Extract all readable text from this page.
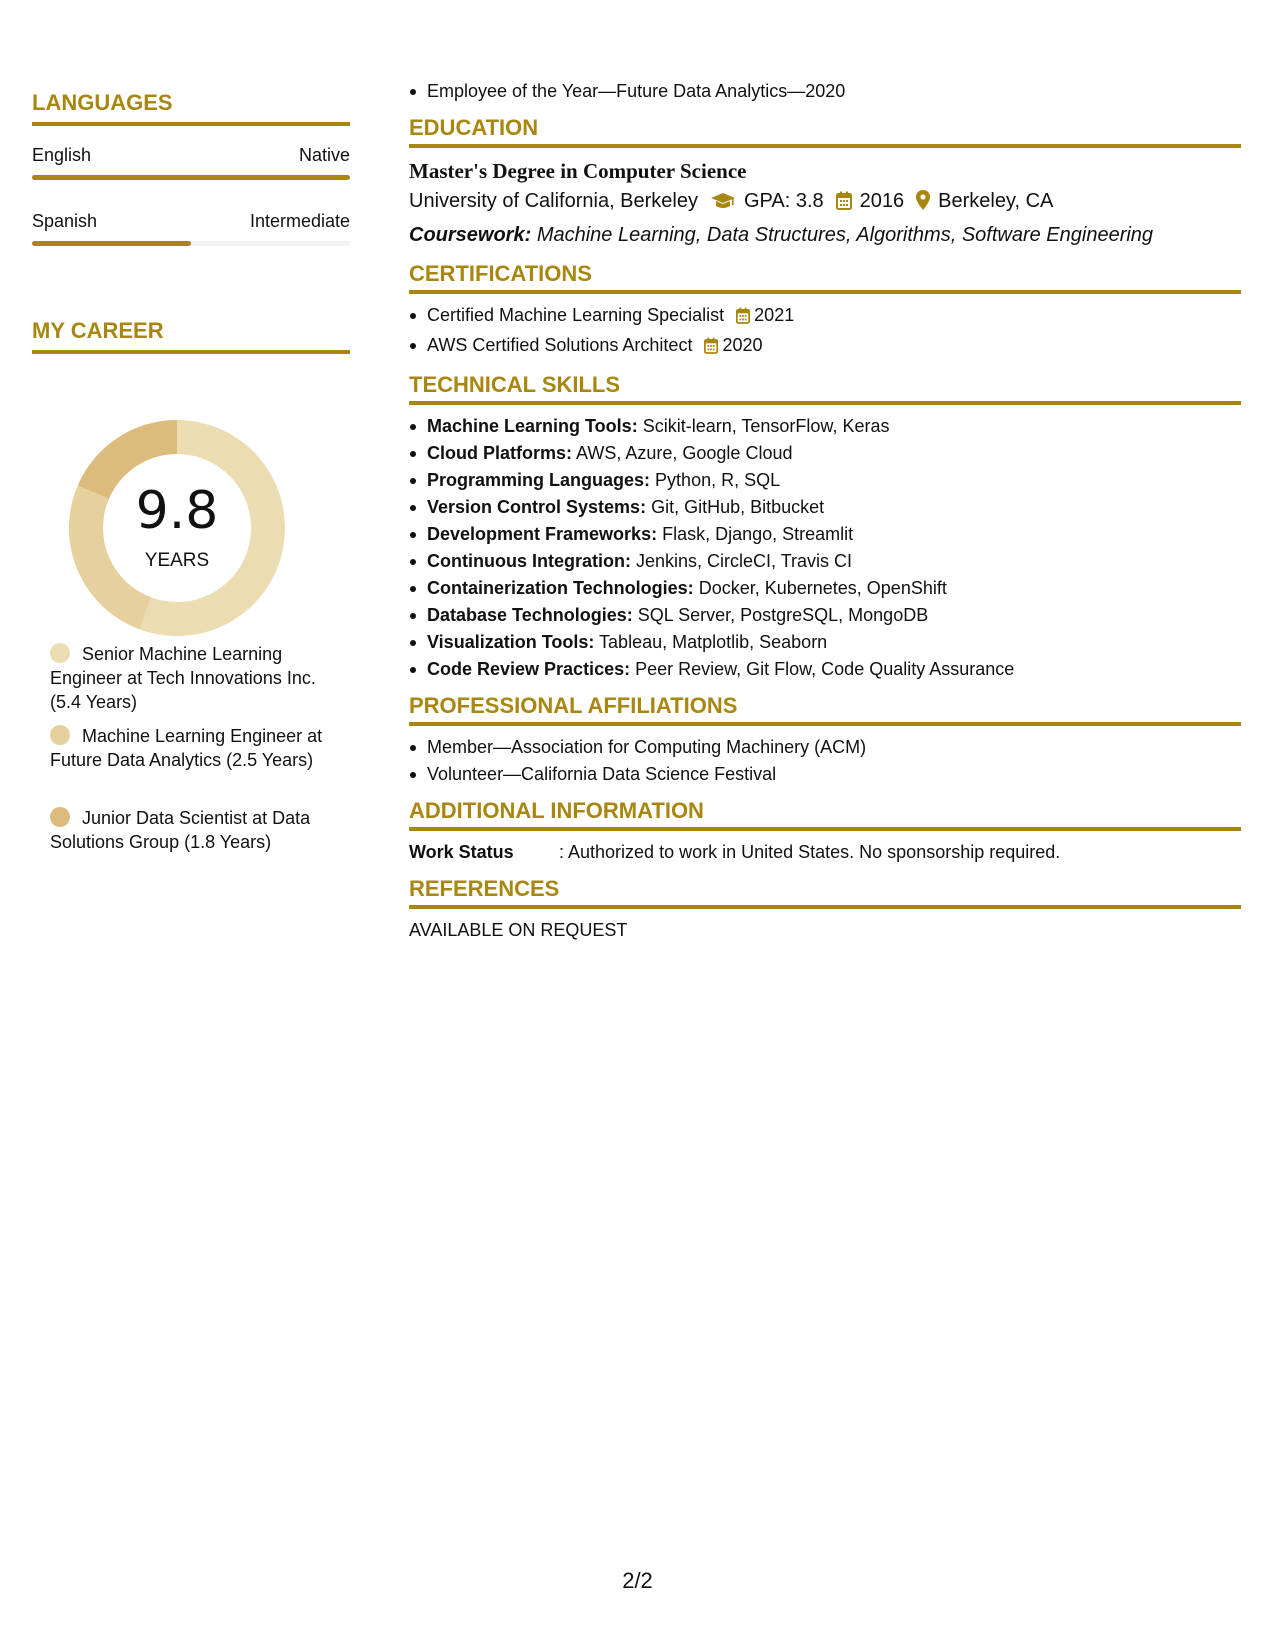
LANGUAGES
English	Native
Spanish	Intermediate
MY CAREER
9.8
YEARS
Senior Machine Learning Engineer at Tech Innovations Inc. (5.4 Years)
Machine Learning Engineer at Future Data Analytics (2.5 Years)
Junior Data Scientist at Data Solutions Group (1.8 Years)
Employee of the Year—Future Data Analytics—2020
EDUCATION
Master's Degree in Computer Science
University of California, Berkeley GPA: 3.8 2016 Berkeley, CA
Coursework: Machine Learning, Data Structures, Algorithms, Software Engineering
CERTIFICATIONS
Certified Machine Learning Specialist 2021
AWS Certified Solutions Architect 2020
TECHNICAL SKILLS
Machine Learning Tools: Scikit-learn, TensorFlow, Keras
Cloud Platforms: AWS, Azure, Google Cloud
Programming Languages: Python, R, SQL
Version Control Systems: Git, GitHub, Bitbucket
Development Frameworks: Flask, Django, Streamlit
Continuous Integration: Jenkins, CircleCI, Travis CI
Containerization Technologies: Docker, Kubernetes, OpenShift
Database Technologies: SQL Server, PostgreSQL, MongoDB
Visualization Tools: Tableau, Matplotlib, Seaborn
Code Review Practices: Peer Review, Git Flow, Code Quality Assurance
PROFESSIONAL AFFILIATIONS
Member—Association for Computing Machinery (ACM)
Volunteer—California Data Science Festival
ADDITIONAL INFORMATION
Work Status	: Authorized to work in United States. No sponsorship required.
REFERENCES
AVAILABLE ON REQUEST
2/2
